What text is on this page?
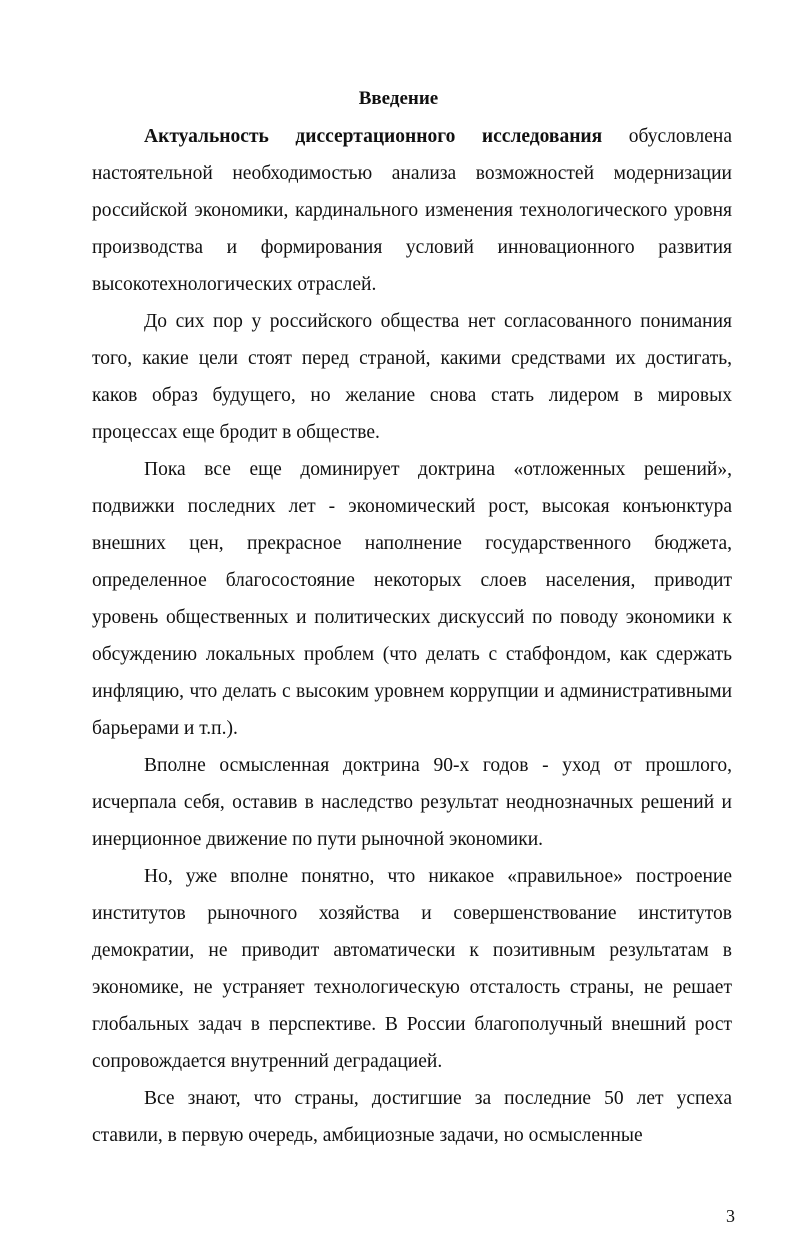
Введение

Актуальность диссертационного исследования обусловлена настоятельной необходимостью анализа возможностей модернизации российской экономики, кардинального изменения технологического уровня производства и формирования условий инновационного развития высокотехнологических отраслей.

До сих пор у российского общества нет согласованного понимания того, какие цели стоят перед страной, какими средствами их достигать, каков образ будущего, но желание снова стать лидером в мировых процессах еще бродит в обществе.

Пока все еще доминирует доктрина «отложенных решений», подвижки последних лет - экономический рост, высокая конъюнктура внешних цен, прекрасное наполнение государственного бюджета, определенное благосостояние некоторых слоев населения, приводит уровень общественных и политических дискуссий по поводу экономики к обсуждению локальных проблем (что делать с стабфондом, как сдержать инфляцию, что делать с высоким уровнем коррупции и административными барьерами и т.п.).

Вполне осмысленная доктрина 90-х годов - уход от прошлого, исчерпала себя, оставив в наследство результат неоднозначных решений и инерционное движение по пути рыночной экономики.

Но, уже вполне понятно, что никакое «правильное» построение институтов рыночного хозяйства и совершенствование институтов демократии, не приводит автоматически к позитивным результатам в экономике, не устраняет технологическую отсталость страны, не решает глобальных задач в перспективе. В России благополучный внешний рост сопровождается внутренний деградацией.

Все знают, что страны, достигшие за последние 50 лет успеха ставили, в первую очередь, амбициозные задачи, но осмысленные

3
